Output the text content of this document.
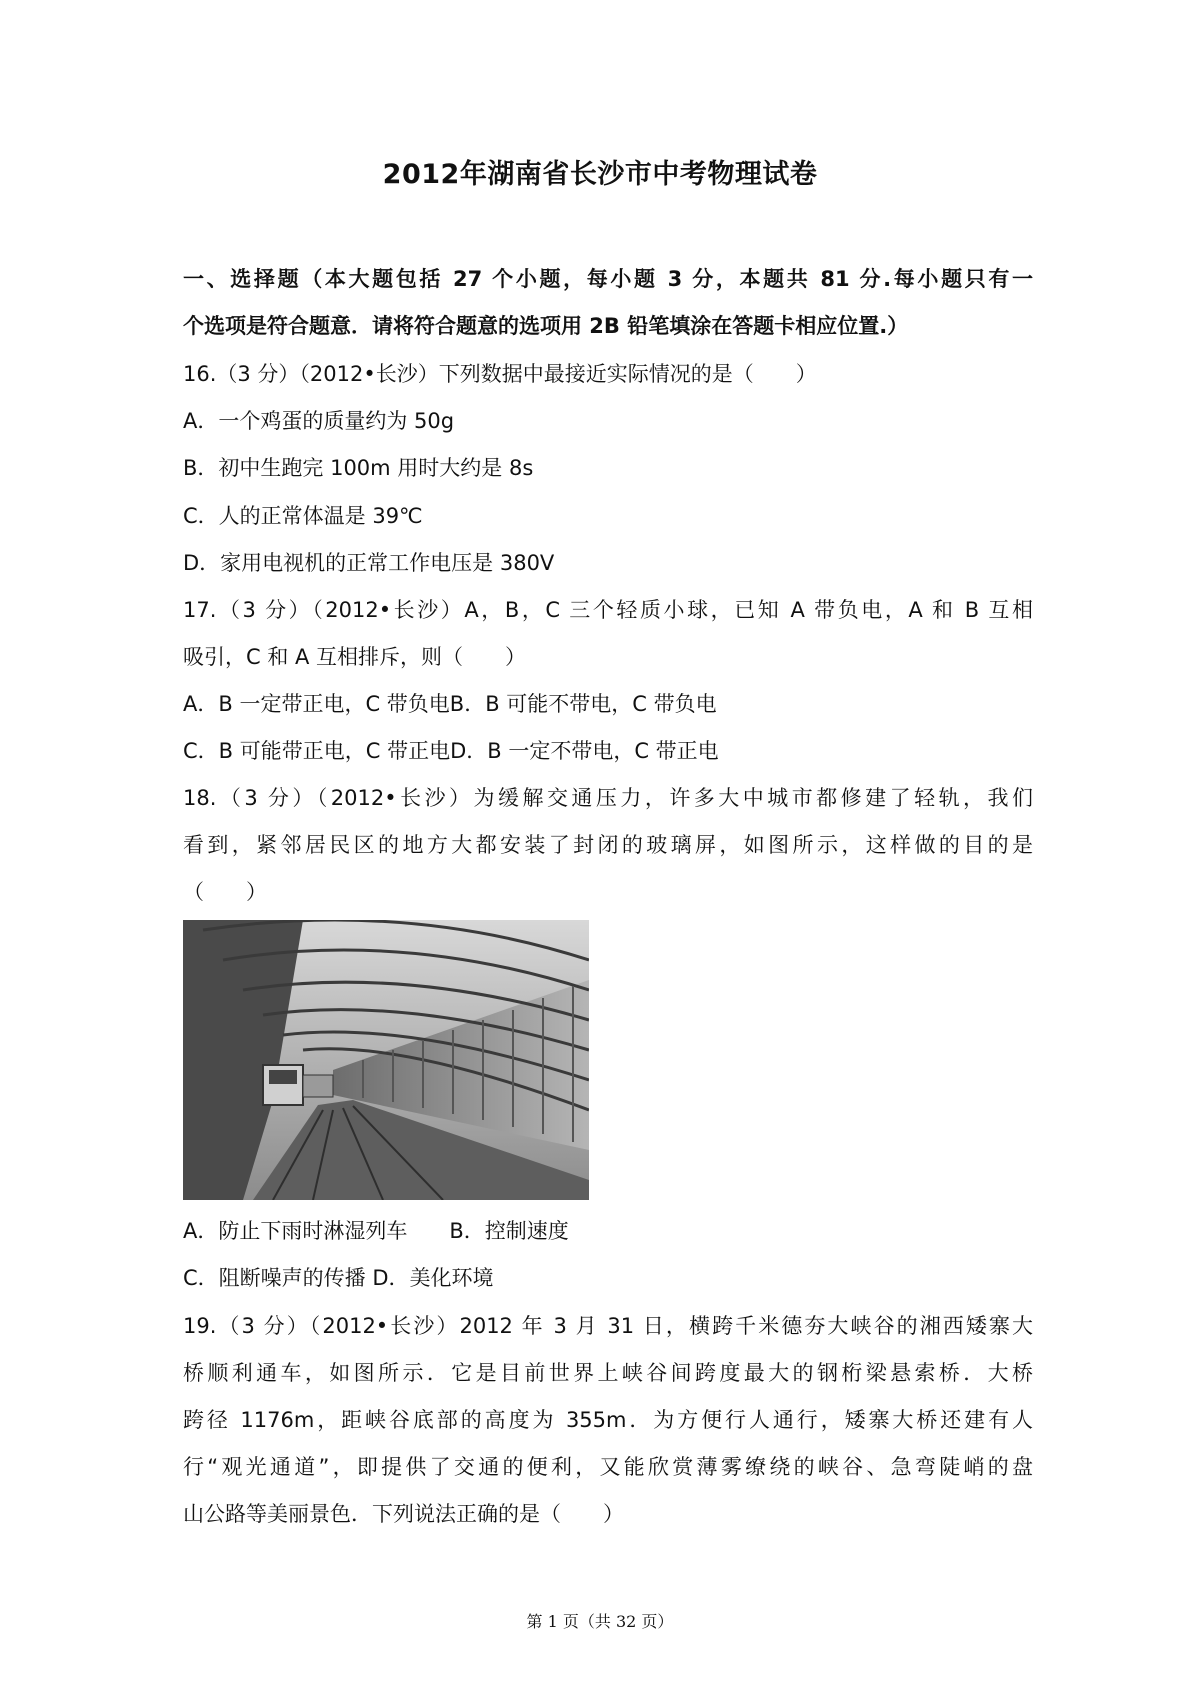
2012年湖南省长沙市中考物理试卷
一、选择题（本大题包括 27 个小题，每小题 3 分，本题共 81 分.每小题只有一
个选项是符合题意．请将符合题意的选项用 2B 铅笔填涂在答题卡相应位置.）
16.（3 分）（2012•长沙）下列数据中最接近实际情况的是（　　）
A．一个鸡蛋的质量约为 50g
B．初中生跑完 100m 用时大约是 8s
C．人的正常体温是 39℃
D．家用电视机的正常工作电压是 380V
17.（3 分）（2012•长沙）A，B，C 三个轻质小球，已知 A 带负电，A 和 B 互相
吸引，C 和 A 互相排斥，则（　　）
A．B 一定带正电，C 带负电B．B 可能不带电，C 带负电
C．B 可能带正电，C 带正电D．B 一定不带电，C 带正电
18.（3 分）（2012•长沙）为缓解交通压力，许多大中城市都修建了轻轨，我们
看到，紧邻居民区的地方大都安装了封闭的玻璃屏，如图所示，这样做的目的是
（　　）
A．防止下雨时淋湿列车 B．控制速度
C．阻断噪声的传播 D．美化环境
19.（3 分）（2012•长沙）2012 年 3 月 31 日，横跨千米德夯大峡谷的湘西矮寨大
桥顺利通车，如图所示．它是目前世界上峡谷间跨度最大的钢桁梁悬索桥．大桥
跨径 1176m，距峡谷底部的高度为 355m．为方便行人通行，矮寨大桥还建有人
行“观光通道”，即提供了交通的便利，又能欣赏薄雾缭绕的峡谷、急弯陡峭的盘
山公路等美丽景色．下列说法正确的是（　　）
第 1 页（共 32 页）
